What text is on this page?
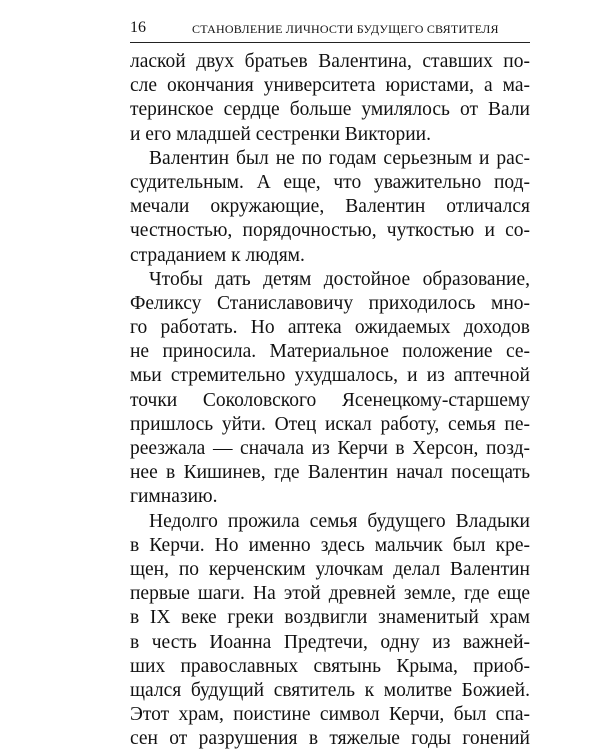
16	СТАНОВЛЕНИЕ ЛИЧНОСТИ БУДУЩЕГО СВЯТИТЕЛЯ
лаской двух братьев Валентина, ставших по-
сле окончания университета юристами, а ма-
теринское сердце больше умилялось от Вали
и его младшей сестренки Виктории.
Валентин был не по годам серьезным и рас-
судительным. А еще, что уважительно под-
мечали окружающие, Валентин отличался
честностью, порядочностью, чуткостью и со-
страданием к людям.
Чтобы дать детям достойное образование,
Феликсу Станиславовичу приходилось мно-
го работать. Но аптека ожидаемых доходов
не приносила. Материальное положение се-
мьи стремительно ухудшалось, и из аптечной
точки Соколовского Ясенецкому-старшему
пришлось уйти. Отец искал работу, семья пе-
реезжала — сначала из Керчи в Херсон, позд-
нее в Кишинев, где Валентин начал посещать
гимназию.
Недолго прожила семья будущего Владыки
в Керчи. Но именно здесь мальчик был кре-
щен, по керченским улочкам делал Валентин
первые шаги. На этой древней земле, где еще
в IX веке греки воздвигли знаменитый храм
в честь Иоанна Предтечи, одну из важней-
ших православных святынь Крыма, приоб-
щался будущий святитель к молитве Божией.
Этот храм, поистине символ Керчи, был спа-
сен от разрушения в тяжелые годы гонений
